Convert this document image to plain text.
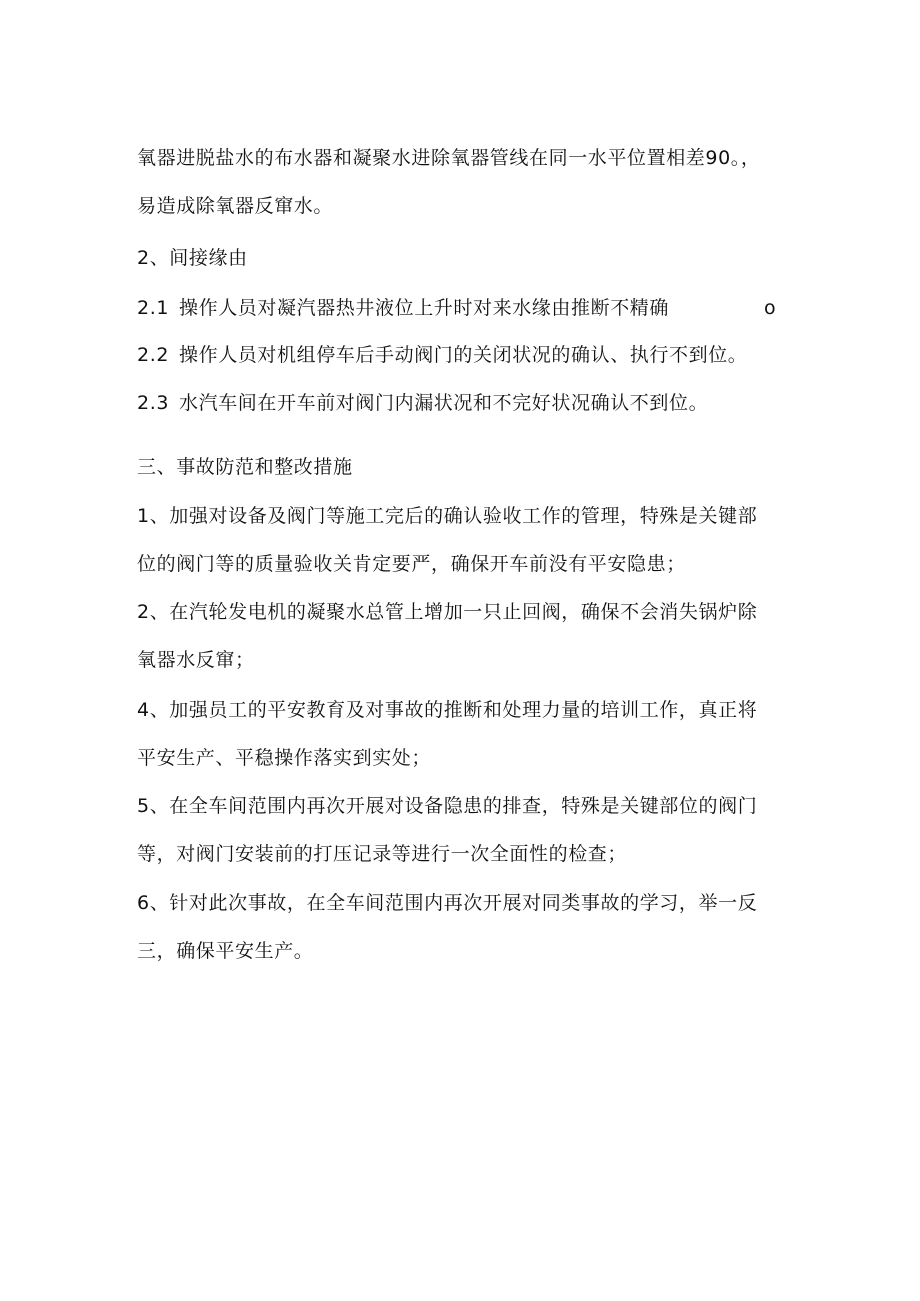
氧器进脱盐水的布水器和凝聚水进除氧器管线在同一水平位置相差90。，
易造成除氧器反窜水。
2、间接缘由
2.1 操作人员对凝汽器热井液位上升时对来水缘由推断不精确	o
2.2 操作人员对机组停车后手动阀门的关闭状况的确认、执行不到位。
2.3 水汽车间在开车前对阀门内漏状况和不完好状况确认不到位。
三、事故防范和整改措施
1、加强对设备及阀门等施工完后的确认验收工作的管理，特殊是关键部
位的阀门等的质量验收关肯定要严，确保开车前没有平安隐患；
2、在汽轮发电机的凝聚水总管上增加一只止回阀，确保不会消失锅炉除
氧器水反窜；
4、加强员工的平安教育及对事故的推断和处理力量的培训工作，真正将
平安生产、平稳操作落实到实处；
5、在全车间范围内再次开展对设备隐患的排查，特殊是关键部位的阀门
等，对阀门安装前的打压记录等进行一次全面性的检查；
6、针对此次事故，在全车间范围内再次开展对同类事故的学习，举一反
三，确保平安生产。
